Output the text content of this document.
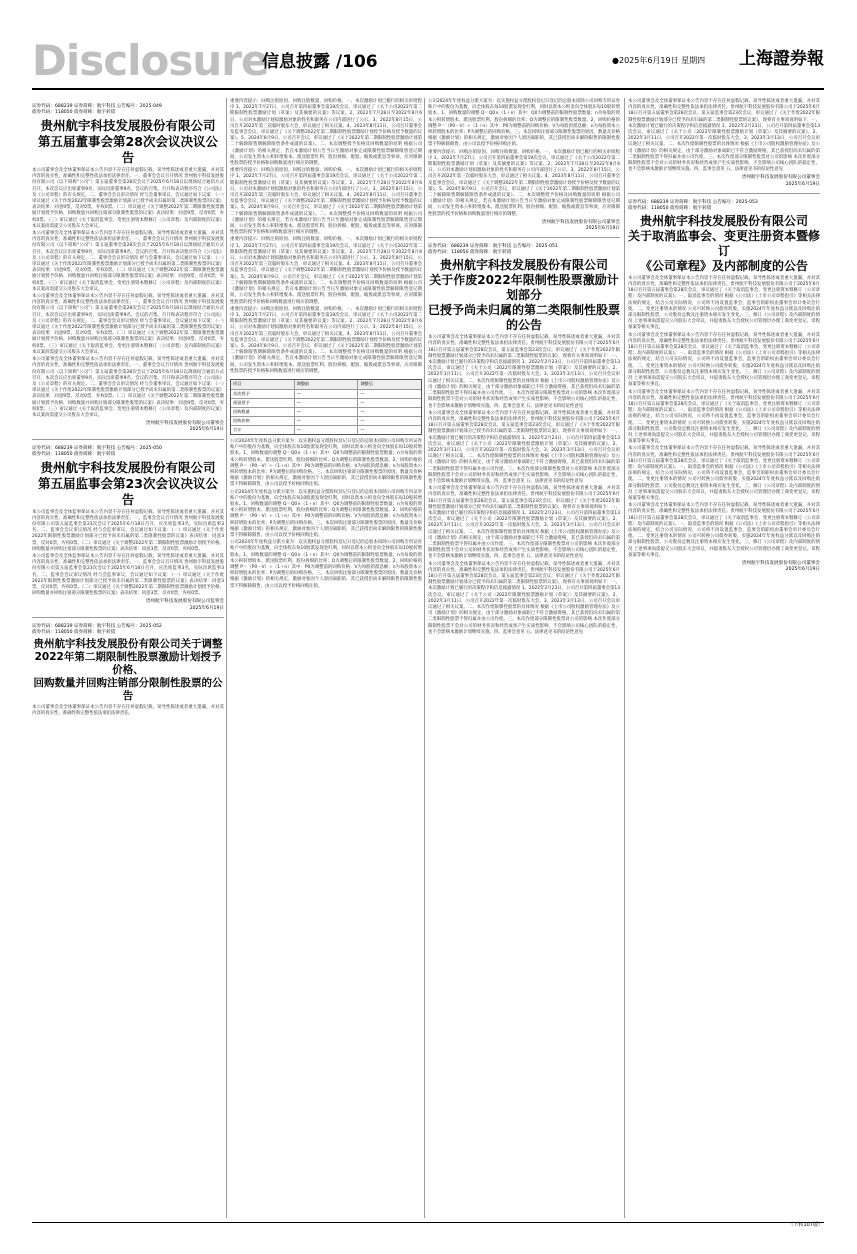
Disclosure
信息披露 /106	●2025年6月19日 星期四 上海證券報
证券代码：688239 证券简称：航宇科技 公告编号：2025-049
债券代码：118050 债券简称：航宇转债
贵州航宇科技发展股份有限公司
第五届董事会第28次会议决议公告
本公司董事会及全体董事保证本公告内容不存在任何虚假记载、误导性陈述或者重大遗漏，并对其内容的真实性、准确性和完整性依法承担法律责任。一、董事会会议召开情况 贵州航宇科技发展股份有限公司（以下简称“公司”）第五届董事会第28次会议于2025年6月18日以现场结合通讯方式召开，本次会议应出席董事9名，实际出席董事9名。会议的召集、召开和表决程序符合《公司法》及《公司章程》的有关规定。二、董事会会议审议情况 经与会董事审议，会议通过如下议案：（一）审议通过《关于作废2022年限制性股票激励计划部分已授予尚未归属的第二类限制性股票的议案》表决结果：同意9票，反对0票，弃权0票。（二）审议通过《关于调整2022年第二期限制性股票激励计划授予价格、回购数量并回购注销部分限制性股票的议案》表决结果：同意9票，反对0票，弃权0票。（三）审议通过《关于取消监事会、变更注册资本暨修订〈公司章程〉及内部制度的议案》本议案尚需提交公司股东大会审议。
本公司董事会及全体董事保证本公告内容不存在任何虚假记载、误导性陈述或者重大遗漏，并对其内容的真实性、准确性和完整性依法承担法律责任。一、董事会会议召开情况 贵州航宇科技发展股份有限公司（以下简称“公司”）第五届董事会第28次会议于2025年6月18日以现场结合通讯方式召开，本次会议应出席董事9名，实际出席董事9名。会议的召集、召开和表决程序符合《公司法》及《公司章程》的有关规定。二、董事会会议审议情况 经与会董事审议，会议通过如下议案：（一）审议通过《关于作废2022年限制性股票激励计划部分已授予尚未归属的第二类限制性股票的议案》表决结果：同意9票，反对0票，弃权0票。（二）审议通过《关于调整2022年第二期限制性股票激励计划授予价格、回购数量并回购注销部分限制性股票的议案》表决结果：同意9票，反对0票，弃权0票。（三）审议通过《关于取消监事会、变更注册资本暨修订〈公司章程〉及内部制度的议案》本议案尚需提交公司股东大会审议。
本公司董事会及全体董事保证本公告内容不存在任何虚假记载、误导性陈述或者重大遗漏，并对其内容的真实性、准确性和完整性依法承担法律责任。一、董事会会议召开情况 贵州航宇科技发展股份有限公司（以下简称“公司”）第五届董事会第28次会议于2025年6月18日以现场结合通讯方式召开，本次会议应出席董事9名，实际出席董事9名。会议的召集、召开和表决程序符合《公司法》及《公司章程》的有关规定。二、董事会会议审议情况 经与会董事审议，会议通过如下议案：（一）审议通过《关于作废2022年限制性股票激励计划部分已授予尚未归属的第二类限制性股票的议案》表决结果：同意9票，反对0票，弃权0票。（二）审议通过《关于调整2022年第二期限制性股票激励计划授予价格、回购数量并回购注销部分限制性股票的议案》表决结果：同意9票，反对0票，弃权0票。（三）审议通过《关于取消监事会、变更注册资本暨修订〈公司章程〉及内部制度的议案》本议案尚需提交公司股东大会审议。
本公司董事会及全体董事保证本公告内容不存在任何虚假记载、误导性陈述或者重大遗漏，并对其内容的真实性、准确性和完整性依法承担法律责任。一、董事会会议召开情况 贵州航宇科技发展股份有限公司（以下简称“公司”）第五届董事会第28次会议于2025年6月18日以现场结合通讯方式召开，本次会议应出席董事9名，实际出席董事9名。会议的召集、召开和表决程序符合《公司法》及《公司章程》的有关规定。二、董事会会议审议情况 经与会董事审议，会议通过如下议案：（一）审议通过《关于作废2022年限制性股票激励计划部分已授予尚未归属的第二类限制性股票的议案》表决结果：同意9票，反对0票，弃权0票。（二）审议通过《关于调整2022年第二期限制性股票激励计划授予价格、回购数量并回购注销部分限制性股票的议案》表决结果：同意9票，反对0票，弃权0票。（三）审议通过《关于取消监事会、变更注册资本暨修订〈公司章程〉及内部制度的议案》本议案尚需提交公司股东大会审议。
贵州航宇科技发展股份有限公司董事会
2025年6月19日
证券代码：688239 证券简称：航宇科技 公告编号：2025-050
债券代码：118050 债券简称：航宇转债
贵州航宇科技发展股份有限公司
第五届监事会第23次会议决议公告
本公司监事会及全体监事保证本公告内容不存在任何虚假记载、误导性陈述或者重大遗漏，并对其内容的真实性、准确性和完整性依法承担法律责任。一、监事会会议召开情况 贵州航宇科技发展股份有限公司第五届监事会第23次会议于2025年6月18日召开，应出席监事3名，实际出席监事3名。二、监事会会议审议情况 经与会监事审议，会议通过如下议案：（一）审议通过《关于作废2022年限制性股票激励计划部分已授予尚未归属的第二类限制性股票的议案》表决结果：同意3票，反对0票，弃权0票。（二）审议通过《关于调整2022年第二期限制性股票激励计划授予价格、回购数量并回购注销部分限制性股票的议案》表决结果：同意3票，反对0票，弃权0票。
本公司监事会及全体监事保证本公告内容不存在任何虚假记载、误导性陈述或者重大遗漏，并对其内容的真实性、准确性和完整性依法承担法律责任。一、监事会会议召开情况 贵州航宇科技发展股份有限公司第五届监事会第23次会议于2025年6月18日召开，应出席监事3名，实际出席监事3名。二、监事会会议审议情况 经与会监事审议，会议通过如下议案：（一）审议通过《关于作废2022年限制性股票激励计划部分已授予尚未归属的第二类限制性股票的议案》表决结果：同意3票，反对0票，弃权0票。（二）审议通过《关于调整2022年第二期限制性股票激励计划授予价格、回购数量并回购注销部分限制性股票的议案》表决结果：同意3票，反对0票，弃权0票。
贵州航宇科技发展股份有限公司监事会
2025年6月19日
证券代码：688239 证券简称：航宇科技 公告编号：2025-052
债券代码：118050 债券简称：航宇转债
贵州航宇科技发展股份有限公司关于调整
2022年第二期限制性股票激励计划授予价格、
回购数量并回购注销部分限制性股票的公告
本公司董事会及全体董事保证本公告内容不存在任何虚假记载、误导性陈述或者重大遗漏，并对其内容的真实性、准确性和完整性依法承担法律责任。
重要内容提示：回购注销原因、回购注销数量、回购价格。一、本次激励计划已履行的相关审批程序 1、2022年7月27日，公司召开第四届董事会第19次会议，审议通过了《关于公司2022年第二期限制性股票激励计划（草案）及其摘要的议案》等议案。2、2022年7月28日至2022年8月6日，公司对本激励计划拟激励对象的姓名和职务在公司内部进行了公示。3、2022年8月15日，公司召开2022年第三次临时股东大会，审议通过了相关议案。4、2023年8月11日，公司召开董事会及监事会会议，审议通过了《关于调整2022年第二期限制性股票激励计划授予价格及授予数量的议案》。5、2024年8月9日，公司召开会议，审议通过了《关于2022年第二期限制性股票激励计划第二个解除限售期解除限售条件成就的议案》。二、本次调整授予价格及回购数量的说明 根据公司《激励计划》的相关规定，若在本激励计划公告当日至激励对象完成限制性股票解除限售登记期间，公司发生资本公积转增股本、派送股票红利、股份拆细、配股、缩股或派息等事项，应对限制性股票的授予价格和回购数量进行相应的调整。
重要内容提示：回购注销原因、回购注销数量、回购价格。一、本次激励计划已履行的相关审批程序 1、2022年7月27日，公司召开第四届董事会第19次会议，审议通过了《关于公司2022年第二期限制性股票激励计划（草案）及其摘要的议案》等议案。2、2022年7月28日至2022年8月6日，公司对本激励计划拟激励对象的姓名和职务在公司内部进行了公示。3、2022年8月15日，公司召开2022年第三次临时股东大会，审议通过了相关议案。4、2023年8月11日，公司召开董事会及监事会会议，审议通过了《关于调整2022年第二期限制性股票激励计划授予价格及授予数量的议案》。5、2024年8月9日，公司召开会议，审议通过了《关于2022年第二期限制性股票激励计划第二个解除限售期解除限售条件成就的议案》。二、本次调整授予价格及回购数量的说明 根据公司《激励计划》的相关规定，若在本激励计划公告当日至激励对象完成限制性股票解除限售登记期间，公司发生资本公积转增股本、派送股票红利、股份拆细、配股、缩股或派息等事项，应对限制性股票的授予价格和回购数量进行相应的调整。
重要内容提示：回购注销原因、回购注销数量、回购价格。一、本次激励计划已履行的相关审批程序 1、2022年7月27日，公司召开第四届董事会第19次会议，审议通过了《关于公司2022年第二期限制性股票激励计划（草案）及其摘要的议案》等议案。2、2022年7月28日至2022年8月6日，公司对本激励计划拟激励对象的姓名和职务在公司内部进行了公示。3、2022年8月15日，公司召开2022年第三次临时股东大会，审议通过了相关议案。4、2023年8月11日，公司召开董事会及监事会会议，审议通过了《关于调整2022年第二期限制性股票激励计划授予价格及授予数量的议案》。5、2024年8月9日，公司召开会议，审议通过了《关于2022年第二期限制性股票激励计划第二个解除限售期解除限售条件成就的议案》。二、本次调整授予价格及回购数量的说明 根据公司《激励计划》的相关规定，若在本激励计划公告当日至激励对象完成限制性股票解除限售登记期间，公司发生资本公积转增股本、派送股票红利、股份拆细、配股、缩股或派息等事项，应对限制性股票的授予价格和回购数量进行相应的调整。
重要内容提示：回购注销原因、回购注销数量、回购价格。一、本次激励计划已履行的相关审批程序 1、2022年7月27日，公司召开第四届董事会第19次会议，审议通过了《关于公司2022年第二期限制性股票激励计划（草案）及其摘要的议案》等议案。2、2022年7月28日至2022年8月6日，公司对本激励计划拟激励对象的姓名和职务在公司内部进行了公示。3、2022年8月15日，公司召开2022年第三次临时股东大会，审议通过了相关议案。4、2023年8月11日，公司召开董事会及监事会会议，审议通过了《关于调整2022年第二期限制性股票激励计划授予价格及授予数量的议案》。5、2024年8月9日，公司召开会议，审议通过了《关于2022年第二期限制性股票激励计划第二个解除限售期解除限售条件成就的议案》。二、本次调整授予价格及回购数量的说明 根据公司《激励计划》的相关规定，若在本激励计划公告当日至激励对象完成限制性股票解除限售登记期间，公司发生资本公积转增股本、派送股票红利、股份拆细、配股、缩股或派息等事项，应对限制性股票的授予价格和回购数量进行相应的调整。
项目	调整前	调整后
首次授予	—	—
预留授予	—	—
回购数量	—	—
回购价格	—	—
合计	—	—
公司2024年年度权益分派方案为：以实施权益分派股权登记日登记的总股本扣除公司回购专用证券账户中的股份为基数，向全体股东每10股派发现金红利，同时以资本公积金向全体股东每10股转增股本。1、回购数量的调整 Q＝Q0×（1＋n）其中：Q0为调整前的限制性股票数量；n为每股的资本公积转增股本、派送股票红利、股份拆细的比率；Q为调整后的限制性股票数量。2、回购价格的调整 P＝（P0－V）÷（1＋n）其中：P0为调整前的回购价格；V为每股的派息额；n为每股资本公积转增股本的比率；P为调整后的回购价格。三、本次回购注销部分限制性股票的原因、数量及价格 根据《激励计划》的相关规定，激励对象因个人原因离职的，其已获授但尚未解除限售的限制性股票不得解除限售，由公司以授予价格回购注销。
公司2024年年度权益分派方案为：以实施权益分派股权登记日登记的总股本扣除公司回购专用证券账户中的股份为基数，向全体股东每10股派发现金红利，同时以资本公积金向全体股东每10股转增股本。1、回购数量的调整 Q＝Q0×（1＋n）其中：Q0为调整前的限制性股票数量；n为每股的资本公积转增股本、派送股票红利、股份拆细的比率；Q为调整后的限制性股票数量。2、回购价格的调整 P＝（P0－V）÷（1＋n）其中：P0为调整前的回购价格；V为每股的派息额；n为每股资本公积转增股本的比率；P为调整后的回购价格。三、本次回购注销部分限制性股票的原因、数量及价格 根据《激励计划》的相关规定，激励对象因个人原因离职的，其已获授但尚未解除限售的限制性股票不得解除限售，由公司以授予价格回购注销。
公司2024年年度权益分派方案为：以实施权益分派股权登记日登记的总股本扣除公司回购专用证券账户中的股份为基数，向全体股东每10股派发现金红利，同时以资本公积金向全体股东每10股转增股本。1、回购数量的调整 Q＝Q0×（1＋n）其中：Q0为调整前的限制性股票数量；n为每股的资本公积转增股本、派送股票红利、股份拆细的比率；Q为调整后的限制性股票数量。2、回购价格的调整 P＝（P0－V）÷（1＋n）其中：P0为调整前的回购价格；V为每股的派息额；n为每股资本公积转增股本的比率；P为调整后的回购价格。三、本次回购注销部分限制性股票的原因、数量及价格 根据《激励计划》的相关规定，激励对象因个人原因离职的，其已获授但尚未解除限售的限制性股票不得解除限售，由公司以授予价格回购注销。
公司2024年年度权益分派方案为：以实施权益分派股权登记日登记的总股本扣除公司回购专用证券账户中的股份为基数，向全体股东每10股派发现金红利，同时以资本公积金向全体股东每10股转增股本。1、回购数量的调整 Q＝Q0×（1＋n）其中：Q0为调整前的限制性股票数量；n为每股的资本公积转增股本、派送股票红利、股份拆细的比率；Q为调整后的限制性股票数量。2、回购价格的调整 P＝（P0－V）÷（1＋n）其中：P0为调整前的回购价格；V为每股的派息额；n为每股资本公积转增股本的比率；P为调整后的回购价格。三、本次回购注销部分限制性股票的原因、数量及价格 根据《激励计划》的相关规定，激励对象因个人原因离职的，其已获授但尚未解除限售的限制性股票不得解除限售，由公司以授予价格回购注销。
重要内容提示：回购注销原因、回购注销数量、回购价格。一、本次激励计划已履行的相关审批程序 1、2022年7月27日，公司召开第四届董事会第19次会议，审议通过了《关于公司2022年第二期限制性股票激励计划（草案）及其摘要的议案》等议案。2、2022年7月28日至2022年8月6日，公司对本激励计划拟激励对象的姓名和职务在公司内部进行了公示。3、2022年8月15日，公司召开2022年第三次临时股东大会，审议通过了相关议案。4、2023年8月11日，公司召开董事会及监事会会议，审议通过了《关于调整2022年第二期限制性股票激励计划授予价格及授予数量的议案》。5、2024年8月9日，公司召开会议，审议通过了《关于2022年第二期限制性股票激励计划第二个解除限售期解除限售条件成就的议案》。二、本次调整授予价格及回购数量的说明 根据公司《激励计划》的相关规定，若在本激励计划公告当日至激励对象完成限制性股票解除限售登记期间，公司发生资本公积转增股本、派送股票红利、股份拆细、配股、缩股或派息等事项，应对限制性股票的授予价格和回购数量进行相应的调整。
贵州航宇科技发展股份有限公司董事会
2025年6月19日
证券代码：688239 证券简称：航宇科技 公告编号：2025-051
债券代码：118050 债券简称：航宇转债
贵州航宇科技发展股份有限公司
关于作废2022年限制性股票激励计划部分
已授予尚未归属的第二类限制性股票的公告
本公司董事会及全体董事保证本公告内容不存在任何虚假记载、误导性陈述或者重大遗漏，并对其内容的真实性、准确性和完整性依法承担法律责任。贵州航宇科技发展股份有限公司于2025年6月18日召开第五届董事会第28次会议、第五届监事会第23次会议，审议通过了《关于作废2022年限制性股票激励计划部分已授予尚未归属的第二类限制性股票的议案》，现将有关事项说明如下：一、本次激励计划已履行的决策程序和信息披露情况 1、2022年2月23日，公司召开第四届董事会第13次会议，审议通过了《关于公司〈2022年限制性股票激励计划（草案）〉及其摘要的议案》。2、2022年3月11日，公司召开2022年第一次临时股东大会。3、2023年3月13日，公司召开会议审议通过了相关议案。二、本次作废限制性股票的具体情况 根据《上市公司股权激励管理办法》及公司《激励计划》的相关规定，由于部分激励对象离职已不符合激励资格，其已获授但尚未归属的第二类限制性股票不得归属并由公司作废。三、本次作废部分限制性股票对公司的影响 本次作废部分限制性股票不会对公司的财务状况和经营成果产生实质性影响，不会影响公司核心团队的稳定性，也不会影响本激励计划继续实施。四、监事会意见 五、法律意见书的结论性意见
本公司董事会及全体董事保证本公告内容不存在任何虚假记载、误导性陈述或者重大遗漏，并对其内容的真实性、准确性和完整性依法承担法律责任。贵州航宇科技发展股份有限公司于2025年6月18日召开第五届董事会第28次会议、第五届监事会第23次会议，审议通过了《关于作废2022年限制性股票激励计划部分已授予尚未归属的第二类限制性股票的议案》，现将有关事项说明如下：一、本次激励计划已履行的决策程序和信息披露情况 1、2022年2月23日，公司召开第四届董事会第13次会议，审议通过了《关于公司〈2022年限制性股票激励计划（草案）〉及其摘要的议案》。2、2022年3月11日，公司召开2022年第一次临时股东大会。3、2023年3月13日，公司召开会议审议通过了相关议案。二、本次作废限制性股票的具体情况 根据《上市公司股权激励管理办法》及公司《激励计划》的相关规定，由于部分激励对象离职已不符合激励资格，其已获授但尚未归属的第二类限制性股票不得归属并由公司作废。三、本次作废部分限制性股票对公司的影响 本次作废部分限制性股票不会对公司的财务状况和经营成果产生实质性影响，不会影响公司核心团队的稳定性，也不会影响本激励计划继续实施。四、监事会意见 五、法律意见书的结论性意见
本公司董事会及全体董事保证本公告内容不存在任何虚假记载、误导性陈述或者重大遗漏，并对其内容的真实性、准确性和完整性依法承担法律责任。贵州航宇科技发展股份有限公司于2025年6月18日召开第五届董事会第28次会议、第五届监事会第23次会议，审议通过了《关于作废2022年限制性股票激励计划部分已授予尚未归属的第二类限制性股票的议案》，现将有关事项说明如下：一、本次激励计划已履行的决策程序和信息披露情况 1、2022年2月23日，公司召开第四届董事会第13次会议，审议通过了《关于公司〈2022年限制性股票激励计划（草案）〉及其摘要的议案》。2、2022年3月11日，公司召开2022年第一次临时股东大会。3、2023年3月13日，公司召开会议审议通过了相关议案。二、本次作废限制性股票的具体情况 根据《上市公司股权激励管理办法》及公司《激励计划》的相关规定，由于部分激励对象离职已不符合激励资格，其已获授但尚未归属的第二类限制性股票不得归属并由公司作废。三、本次作废部分限制性股票对公司的影响 本次作废部分限制性股票不会对公司的财务状况和经营成果产生实质性影响，不会影响公司核心团队的稳定性，也不会影响本激励计划继续实施。四、监事会意见 五、法律意见书的结论性意见
本公司董事会及全体董事保证本公告内容不存在任何虚假记载、误导性陈述或者重大遗漏，并对其内容的真实性、准确性和完整性依法承担法律责任。贵州航宇科技发展股份有限公司于2025年6月18日召开第五届董事会第28次会议、第五届监事会第23次会议，审议通过了《关于作废2022年限制性股票激励计划部分已授予尚未归属的第二类限制性股票的议案》，现将有关事项说明如下：一、本次激励计划已履行的决策程序和信息披露情况 1、2022年2月23日，公司召开第四届董事会第13次会议，审议通过了《关于公司〈2022年限制性股票激励计划（草案）〉及其摘要的议案》。2、2022年3月11日，公司召开2022年第一次临时股东大会。3、2023年3月13日，公司召开会议审议通过了相关议案。二、本次作废限制性股票的具体情况 根据《上市公司股权激励管理办法》及公司《激励计划》的相关规定，由于部分激励对象离职已不符合激励资格，其已获授但尚未归属的第二类限制性股票不得归属并由公司作废。三、本次作废部分限制性股票对公司的影响 本次作废部分限制性股票不会对公司的财务状况和经营成果产生实质性影响，不会影响公司核心团队的稳定性，也不会影响本激励计划继续实施。四、监事会意见 五、法律意见书的结论性意见
本公司董事会及全体董事保证本公告内容不存在任何虚假记载、误导性陈述或者重大遗漏，并对其内容的真实性、准确性和完整性依法承担法律责任。贵州航宇科技发展股份有限公司于2025年6月18日召开第五届董事会第28次会议、第五届监事会第23次会议，审议通过了《关于作废2022年限制性股票激励计划部分已授予尚未归属的第二类限制性股票的议案》，现将有关事项说明如下：一、本次激励计划已履行的决策程序和信息披露情况 1、2022年2月23日，公司召开第四届董事会第13次会议，审议通过了《关于公司〈2022年限制性股票激励计划（草案）〉及其摘要的议案》。2、2022年3月11日，公司召开2022年第一次临时股东大会。3、2023年3月13日，公司召开会议审议通过了相关议案。二、本次作废限制性股票的具体情况 根据《上市公司股权激励管理办法》及公司《激励计划》的相关规定，由于部分激励对象离职已不符合激励资格，其已获授但尚未归属的第二类限制性股票不得归属并由公司作废。三、本次作废部分限制性股票对公司的影响 本次作废部分限制性股票不会对公司的财务状况和经营成果产生实质性影响，不会影响公司核心团队的稳定性，也不会影响本激励计划继续实施。四、监事会意见 五、法律意见书的结论性意见
贵州航宇科技发展股份有限公司董事会
2025年6月19日
证券代码：688239 证券简称：航宇科技 公告编号：2025-053
债券代码：118050 债券简称：航宇转债
贵州航宇科技发展股份有限公司
关于取消监事会、变更注册资本暨修订
《公司章程》及内部制度的公告
本公司董事会及全体董事保证本公告内容不存在任何虚假记载、误导性陈述或者重大遗漏，并对其内容的真实性、准确性和完整性依法承担法律责任。贵州航宇科技发展股份有限公司于2025年6月18日召开第五届董事会第28次会议，审议通过了《关于取消监事会、变更注册资本暨修订〈公司章程〉及内部制度的议案》。一、取消监事会的情况 根据《公司法》《上市公司章程指引》等相关法律法规的规定，结合公司实际情况，公司将不再设置监事会，监事会的职权由董事会审计委员会行使。二、变更注册资本的情况 公司可转换公司债券转股、实施2024年年度权益分派以及回购注销部分限制性股票，公司股份总数及注册资本相应发生变化。三、修订《公司章程》及内部制度的情况 上述事项尚需提交公司股东大会审议，并提请股东大会授权公司管理层办理工商变更登记、章程备案等相关事宜。
本公司董事会及全体董事保证本公告内容不存在任何虚假记载、误导性陈述或者重大遗漏，并对其内容的真实性、准确性和完整性依法承担法律责任。贵州航宇科技发展股份有限公司于2025年6月18日召开第五届董事会第28次会议，审议通过了《关于取消监事会、变更注册资本暨修订〈公司章程〉及内部制度的议案》。一、取消监事会的情况 根据《公司法》《上市公司章程指引》等相关法律法规的规定，结合公司实际情况，公司将不再设置监事会，监事会的职权由董事会审计委员会行使。二、变更注册资本的情况 公司可转换公司债券转股、实施2024年年度权益分派以及回购注销部分限制性股票，公司股份总数及注册资本相应发生变化。三、修订《公司章程》及内部制度的情况 上述事项尚需提交公司股东大会审议，并提请股东大会授权公司管理层办理工商变更登记、章程备案等相关事宜。
本公司董事会及全体董事保证本公告内容不存在任何虚假记载、误导性陈述或者重大遗漏，并对其内容的真实性、准确性和完整性依法承担法律责任。贵州航宇科技发展股份有限公司于2025年6月18日召开第五届董事会第28次会议，审议通过了《关于取消监事会、变更注册资本暨修订〈公司章程〉及内部制度的议案》。一、取消监事会的情况 根据《公司法》《上市公司章程指引》等相关法律法规的规定，结合公司实际情况，公司将不再设置监事会，监事会的职权由董事会审计委员会行使。二、变更注册资本的情况 公司可转换公司债券转股、实施2024年年度权益分派以及回购注销部分限制性股票，公司股份总数及注册资本相应发生变化。三、修订《公司章程》及内部制度的情况 上述事项尚需提交公司股东大会审议，并提请股东大会授权公司管理层办理工商变更登记、章程备案等相关事宜。
本公司董事会及全体董事保证本公告内容不存在任何虚假记载、误导性陈述或者重大遗漏，并对其内容的真实性、准确性和完整性依法承担法律责任。贵州航宇科技发展股份有限公司于2025年6月18日召开第五届董事会第28次会议，审议通过了《关于取消监事会、变更注册资本暨修订〈公司章程〉及内部制度的议案》。一、取消监事会的情况 根据《公司法》《上市公司章程指引》等相关法律法规的规定，结合公司实际情况，公司将不再设置监事会，监事会的职权由董事会审计委员会行使。二、变更注册资本的情况 公司可转换公司债券转股、实施2024年年度权益分派以及回购注销部分限制性股票，公司股份总数及注册资本相应发生变化。三、修订《公司章程》及内部制度的情况 上述事项尚需提交公司股东大会审议，并提请股东大会授权公司管理层办理工商变更登记、章程备案等相关事宜。
本公司董事会及全体董事保证本公告内容不存在任何虚假记载、误导性陈述或者重大遗漏，并对其内容的真实性、准确性和完整性依法承担法律责任。贵州航宇科技发展股份有限公司于2025年6月18日召开第五届董事会第28次会议，审议通过了《关于取消监事会、变更注册资本暨修订〈公司章程〉及内部制度的议案》。一、取消监事会的情况 根据《公司法》《上市公司章程指引》等相关法律法规的规定，结合公司实际情况，公司将不再设置监事会，监事会的职权由董事会审计委员会行使。二、变更注册资本的情况 公司可转换公司债券转股、实施2024年年度权益分派以及回购注销部分限制性股票，公司股份总数及注册资本相应发生变化。三、修订《公司章程》及内部制度的情况 上述事项尚需提交公司股东大会审议，并提请股东大会授权公司管理层办理工商变更登记、章程备案等相关事宜。
贵州航宇科技发展股份有限公司董事会
2025年6月19日
（下转107版）
